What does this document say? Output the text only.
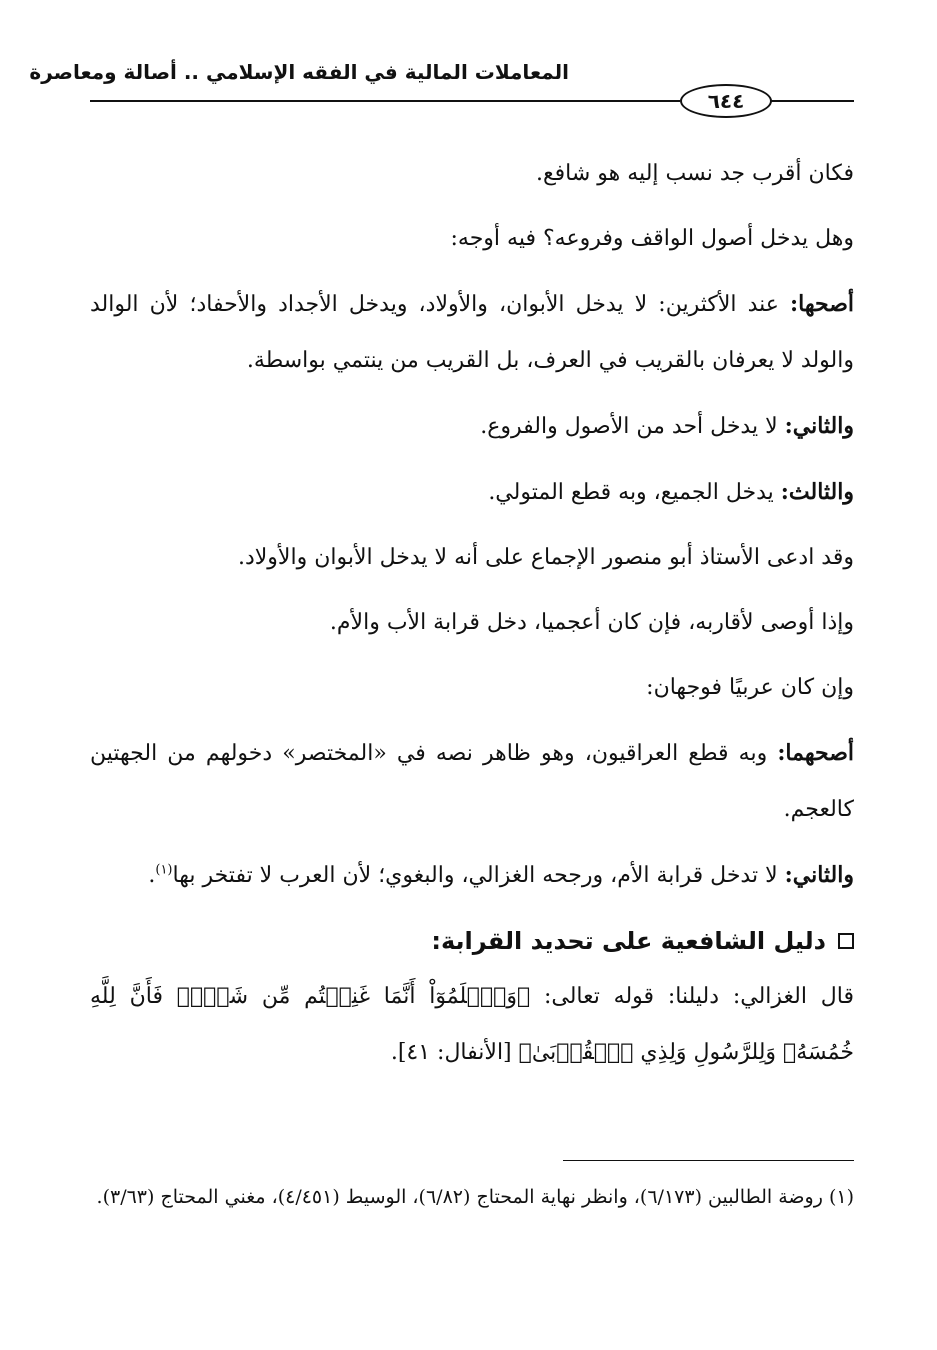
المعاملات المالية في الفقه الإسلامي .. أصالة ومعاصرة
٦٤٤

فكان أقرب جد نسب إليه هو شافع.

وهل يدخل أصول الواقف وفروعه؟ فيه أوجه:

أصحها: عند الأكثرين: لا يدخل الأبوان، والأولاد، ويدخل الأجداد والأحفاد؛ لأن الوالد والولد لا يعرفان بالقريب في العرف، بل القريب من ينتمي بواسطة.

والثاني: لا يدخل أحد من الأصول والفروع.

والثالث: يدخل الجميع، وبه قطع المتولي.

وقد ادعى الأستاذ أبو منصور الإجماع على أنه لا يدخل الأبوان والأولاد.

وإذا أوصى لأقاربه، فإن كان أعجميا، دخل قرابة الأب والأم.

وإن كان عربيًا فوجهان:

أصحهما: وبه قطع العراقيون، وهو ظاهر نصه في «المختصر» دخولهم من الجهتين كالعجم.

والثاني: لا تدخل قرابة الأم، ورجحه الغزالي، والبغوي؛ لأن العرب لا تفتخر بها$^{(١)}$.

دليل الشافعية على تحديد القرابة:

قال الغزالي: دليلنا: قوله تعالى: ﴿وَٱعۡلَمُوٓاْ أَنَّمَا غَنِمۡتُم مِّن شَيۡءٖ فَأَنَّ لِلَّهِ خُمُسَهُۥ وَلِلرَّسُولِ وَلِذِي ٱلۡقُرۡبَىٰ﴾ [الأنفال: ٤١].

(١) روضة الطالبين (٦/١٧٣)، وانظر نهاية المحتاج (٦/٨٢)، الوسيط (٤/٤٥١)، مغني المحتاج (٣/٦٣).
